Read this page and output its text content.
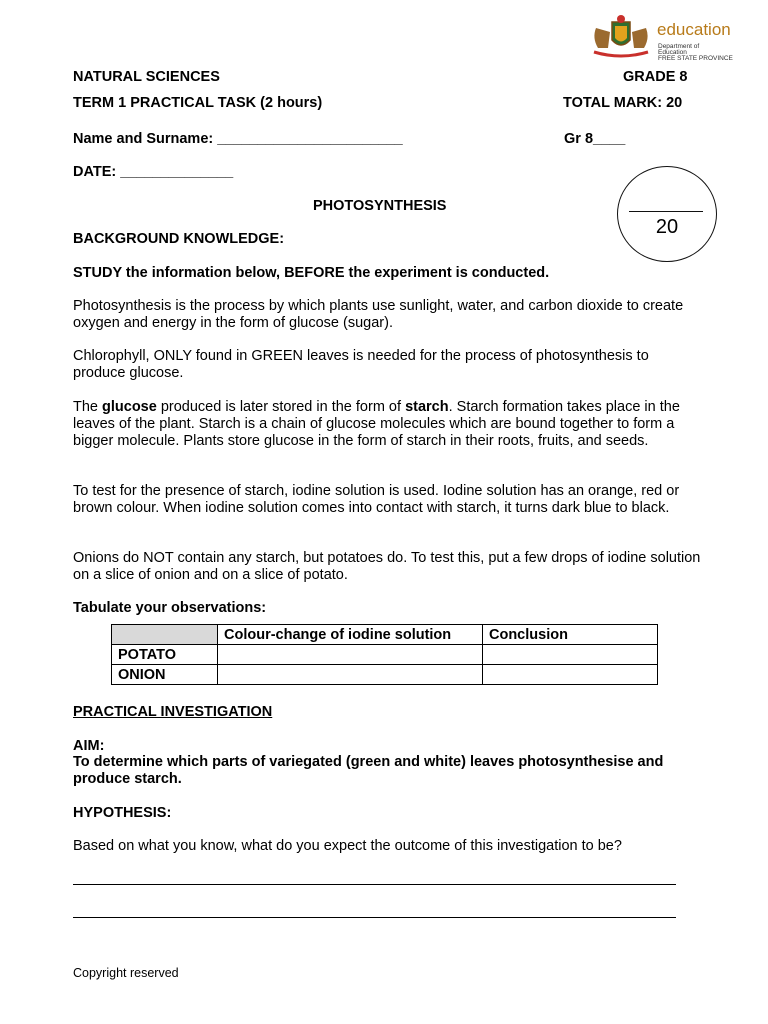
education
Department of
Education
FREE STATE PROVINCE
NATURAL SCIENCES	GRADE 8
TERM 1 PRACTICAL TASK (2 hours)	TOTAL MARK: 20
Name and Surname: _______________________	Gr 8____
DATE: ______________
20
PHOTOSYNTHESIS
BACKGROUND KNOWLEDGE:
STUDY the information below, BEFORE the experiment is conducted.

Photosynthesis is the process by which plants use sunlight, water, and carbon dioxide to create oxygen and energy in the form of glucose (sugar).

Chlorophyll, ONLY found in GREEN leaves is needed for the process of photosynthesis to produce glucose.

The glucose produced is later stored in the form of starch. Starch formation takes place in the leaves of the plant. Starch is a chain of glucose molecules which are bound together to form a bigger molecule. Plants store glucose in the form of starch in their roots, fruits, and seeds.

To test for the presence of starch, iodine solution is used. Iodine solution has an orange, red or brown colour. When iodine solution comes into contact with starch, it turns dark blue to black.

Onions do NOT contain any starch, but potatoes do. To test this, put a few drops of iodine solution on a slice of onion and on a slice of potato.

Tabulate your observations:
	Colour-change of iodine solution	Conclusion
POTATO		
ONION		
PRACTICAL INVESTIGATION
AIM:

To determine which parts of variegated (green and white) leaves photosynthesise and produce starch.

HYPOTHESIS:
Based on what you know, what do you expect the outcome of this investigation to be?
Copyright reserved
